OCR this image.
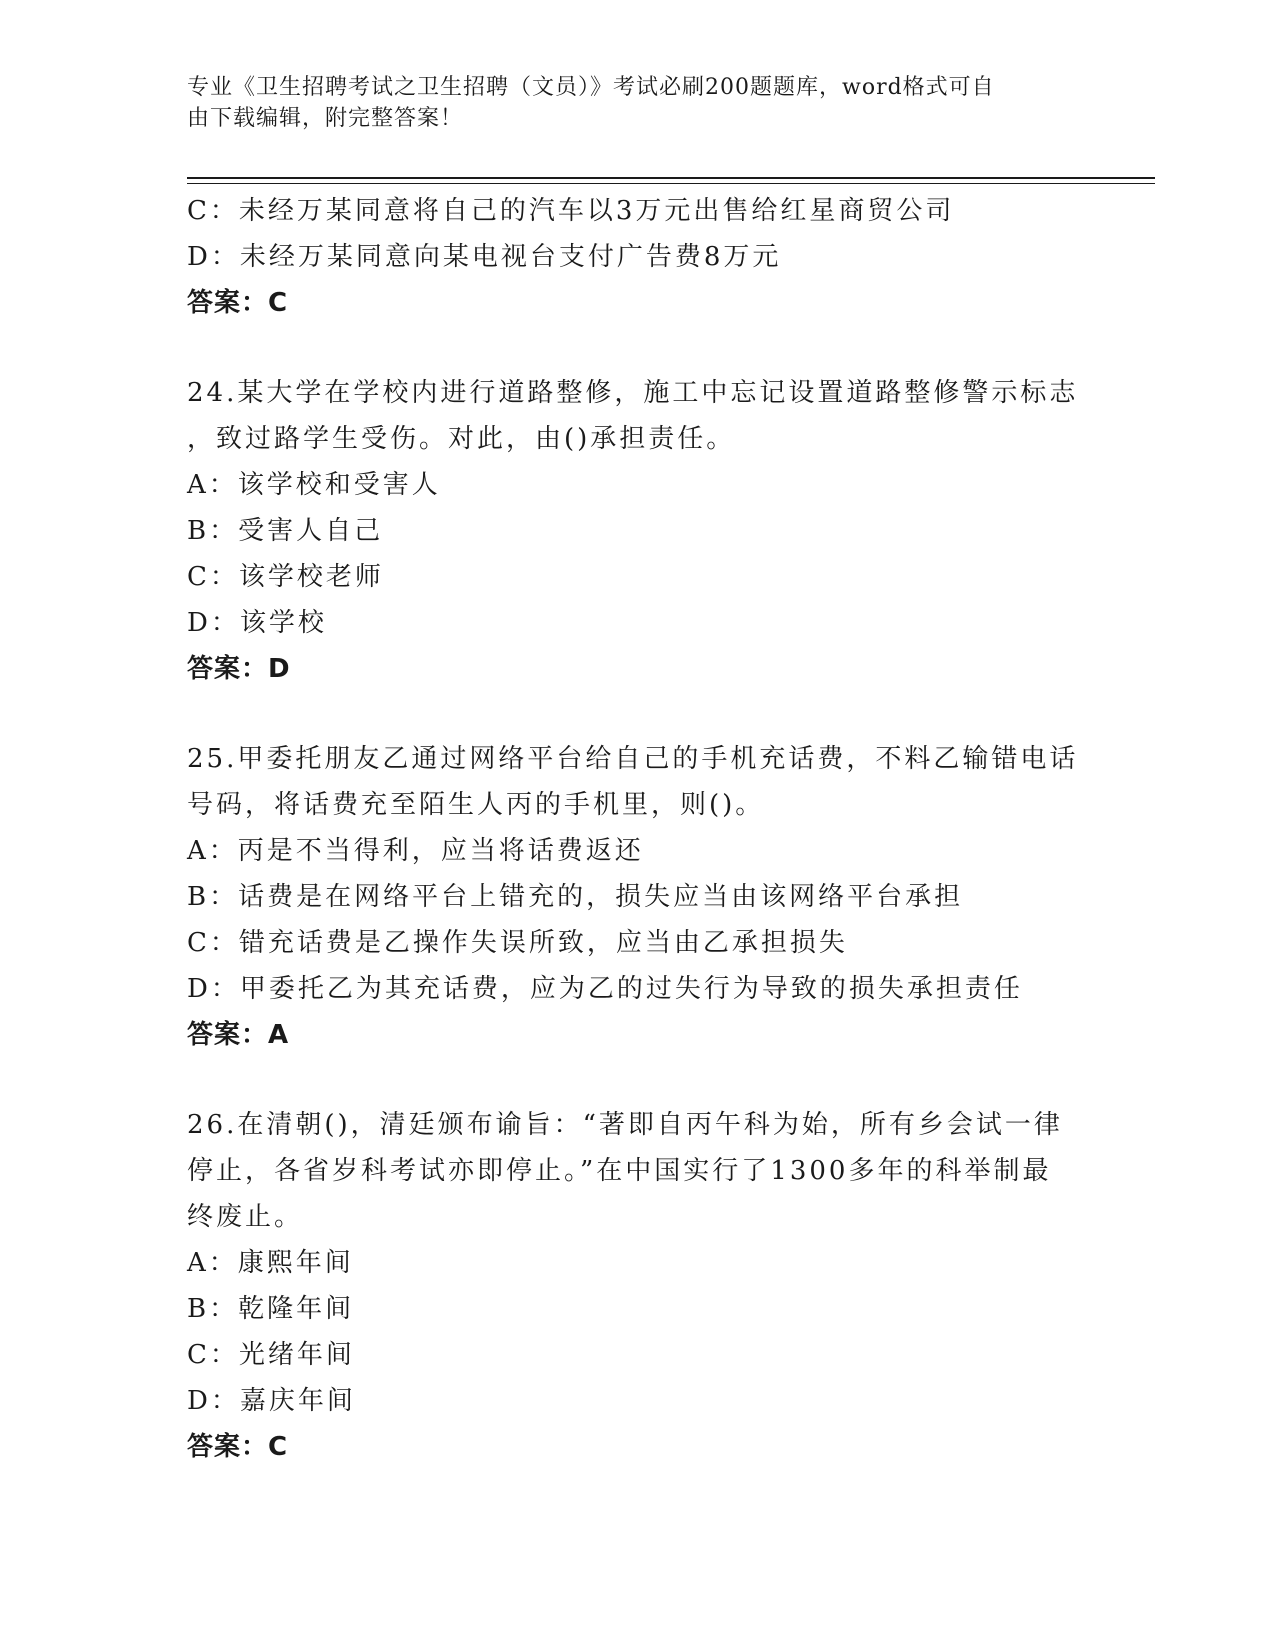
专业《卫生招聘考试之卫生招聘（文员）》考试必刷200题题库，word格式可自
由下载编辑，附完整答案！
C：未经万某同意将自己的汽车以3万元出售给红星商贸公司
D：未经万某同意向某电视台支付广告费8万元
答案：C
24.某大学在学校内进行道路整修，施工中忘记设置道路整修警示标志
，致过路学生受伤。对此，由()承担责任。
A：该学校和受害人
B：受害人自己
C：该学校老师
D：该学校
答案：D
25.甲委托朋友乙通过网络平台给自己的手机充话费，不料乙输错电话
号码，将话费充至陌生人丙的手机里，则()。
A：丙是不当得利，应当将话费返还
B：话费是在网络平台上错充的，损失应当由该网络平台承担
C：错充话费是乙操作失误所致，应当由乙承担损失
D：甲委托乙为其充话费，应为乙的过失行为导致的损失承担责任
答案：A
26.在清朝()，清廷颁布谕旨：“著即自丙午科为始，所有乡会试一律
停止，各省岁科考试亦即停止。”在中国实行了1300多年的科举制最
终废止。
A：康熙年间
B：乾隆年间
C：光绪年间
D：嘉庆年间
答案：C
